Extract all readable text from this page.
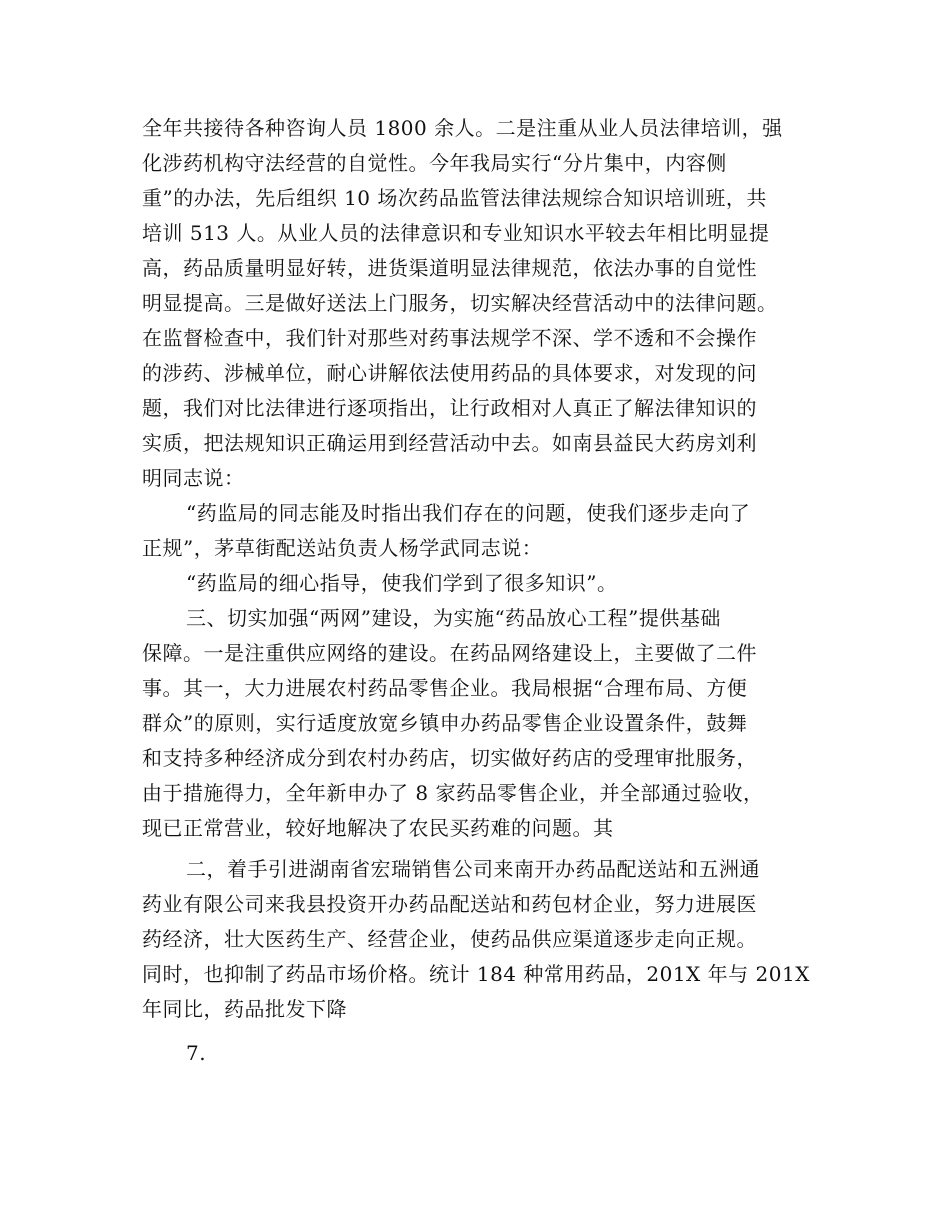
全年共接待各种咨询人员 1800 余人。二是注重从业人员法律培训，强
化涉药机构守法经营的自觉性。今年我局实行“分片集中，内容侧
重”的办法，先后组织 10 场次药品监管法律法规综合知识培训班，共
培训 513 人。从业人员的法律意识和专业知识水平较去年相比明显提
高，药品质量明显好转，进货渠道明显法律规范，依法办事的自觉性
明显提高。三是做好送法上门服务，切实解决经营活动中的法律问题。
在监督检查中，我们针对那些对药事法规学不深、学不透和不会操作
的涉药、涉械单位，耐心讲解依法使用药品的具体要求，对发现的问
题，我们对比法律进行逐项指出，让行政相对人真正了解法律知识的
实质，把法规知识正确运用到经营活动中去。如南县益民大药房刘利
明同志说：
“药监局的同志能及时指出我们存在的问题，使我们逐步走向了
正规”，茅草街配送站负责人杨学武同志说：
“药监局的细心指导，使我们学到了很多知识”。
三、切实加强“两网”建设，为实施“药品放心工程”提供基础
保障。一是注重供应网络的建设。在药品网络建设上，主要做了二件
事。其一，大力进展农村药品零售企业。我局根据“合理布局、方便
群众”的原则，实行适度放宽乡镇申办药品零售企业设置条件，鼓舞
和支持多种经济成分到农村办药店，切实做好药店的受理审批服务，
由于措施得力，全年新申办了 8 家药品零售企业，并全部通过验收，
现已正常营业，较好地解决了农民买药难的问题。其
二，着手引进湖南省宏瑞销售公司来南开办药品配送站和五洲通
药业有限公司来我县投资开办药品配送站和药包材企业，努力进展医
药经济，壮大医药生产、经营企业，使药品供应渠道逐步走向正规。
同时，也抑制了药品市场价格。统计 184 种常用药品，201X 年与 201X
年同比，药品批发下降
7.
